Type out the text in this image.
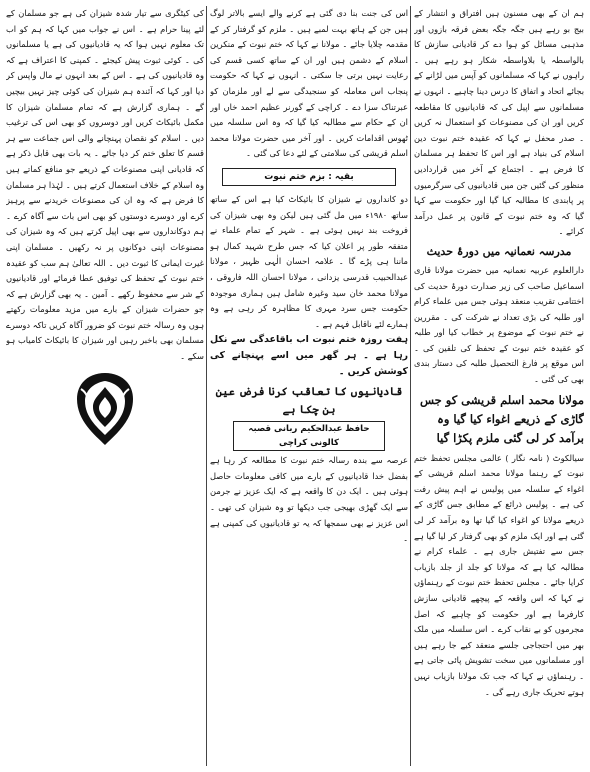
ہم ان کے بھی مسنون ہیں افتراق و انتشار کے بیج بو رہے ہیں جگہ جگہ بعض فرقہ بازوں اور مذہبی مسائل کو ہوا دے کر قادیانی سازش کا بالواسطہ یا بلاواسطہ شکار ہو رہے ہیں ۔ راہوں نے کہا کہ مسلمانوں کو آپس میں لڑانے کے بجائے اتحاد و اتفاق کا درس دینا چاہیے ۔ انہوں نے مسلمانوں سے اپیل کی کہ قادیانیوں کا مقاطعہ کریں اور ان کی مصنوعات کو استعمال نہ کریں ۔ صدر محفل نے کہا کہ عقیدہ ختم نبوت دین اسلام کی بنیاد ہے اور اس کا تحفظ ہر مسلمان کا فرض ہے ۔ اجتماع کے آخر میں قراردادیں منظور کی گئیں جن میں قادیانیوں کی سرگرمیوں پر پابندی کا مطالبہ کیا گیا اور حکومت سے کہا گیا کہ وہ ختم نبوت کے قانون پر عمل درآمد کرائے ۔

مدرسہ نعمانیہ میں دورۂ حدیث

دارالعلوم عربیہ نعمانیہ میں حضرت مولانا قاری اسماعیل صاحب کی زیر صدارت دورۂ حدیث کی اختتامی تقریب منعقد ہوئی جس میں علماء کرام اور طلبہ کی بڑی تعداد نے شرکت کی ۔ مقررین نے ختم نبوت کے موضوع پر خطاب کیا اور طلبہ کو عقیدہ ختم نبوت کے تحفظ کی تلقین کی ۔ اس موقع پر فارغ التحصیل طلبہ کی دستار بندی بھی کی گئی ۔

مولانا محمد اسلم قریشی کو جس گاڑی کے ذریعے اغواء کیا گیا وہ برآمد کر لی گئی ملزم پکڑا گیا

سیالکوٹ ( نامہ نگار ) عالمی مجلس تحفظ ختم نبوت کے رہنما مولانا محمد اسلم قریشی کے اغواء کے سلسلہ میں پولیس نے اہم پیش رفت کی ہے ۔ پولیس ذرائع کے مطابق جس گاڑی کے ذریعے مولانا کو اغواء کیا گیا تھا وہ برآمد کر لی گئی ہے اور ایک ملزم کو بھی گرفتار کر لیا گیا ہے جس سے تفتیش جاری ہے ۔ علماء کرام نے مطالبہ کیا ہے کہ مولانا کو جلد از جلد بازیاب کرایا جائے ۔ مجلس تحفظ ختم نبوت کے رہنماؤں نے کہا کہ اس واقعہ کے پیچھے قادیانی سازش کارفرما ہے اور حکومت کو چاہیے کہ اصل مجرموں کو بے نقاب کرے ۔ اس سلسلہ میں ملک بھر میں احتجاجی جلسے منعقد کیے جا رہے ہیں اور مسلمانوں میں سخت تشویش پائی جاتی ہے ۔ رہنماؤں نے کہا کہ جب تک مولانا بازیاب نہیں ہوتے تحریک جاری رہے گی ۔

اس کی جنت بنا دی گئی ہے کرنے والے ایسے بالاتر لوگ ہیں جن کے ہاتھ بہت لمبے ہیں ۔ ملزم کو گرفتار کر کے مقدمہ چلایا جائے ۔ مولانا نے کہا کہ ختم نبوت کے منکرین اسلام کے دشمن ہیں اور ان کے ساتھ کسی قسم کی رعایت نہیں برتی جا سکتی ۔ انہوں نے کہا کہ حکومت پنجاب اس معاملہ کو سنجیدگی سے لے اور ملزمان کو عبرتناک سزا دے ۔ کراچی کے گورنر عظیم احمد خاں اور ان کے حکام سے مطالبہ کیا گیا کہ وہ اس سلسلہ میں ٹھوس اقدامات کریں ۔ اور آخر میں حضرت مولانا محمد اسلم قریشی کی سلامتی کے لئے دعا کی گئی ۔

بقیہ : بزم ختم نبوت

دو کانداروں نے شیزان کا بائیکاٹ کیا ہے اس کے ساتھ ساتھ ۱۹۸۰ء میں مل گئی ہیں لیکن وہ بھی شیزان کی فروخت بند نہیں ہوئی ہے ۔ شہر کے تمام علماء نے متفقہ طور پر اعلان کیا کہ جس طرح شہید کمال ہو ماننا ہی پڑے گا ۔ علامہ احسان الٰہی ظہیر ، مولانا عبدالحبیب قدرسی یزدانی ، مولانا احسان اللہ فاروقی ، مولانا محمد خان سید وغیرہ شامل ہیں ہماری موجودہ حکومت جس سرد مہری کا مظاہرہ کر رہی ہے وہ ہمارے لئے ناقابل فہم ہے ۔

ہفت روزہ ختم نبوت اب باقاعدگی سے نکل رہا ہے ۔ ہر گھر میں اسے پہنچانے کی کوشش کریں ۔

قادیانیوں کا تعاقب کرنا فرض عین بن چکا ہے
حافظ عبدالحکیم ربانی قصبہ کالونی کراچی

عرصہ سے بندہ رسالہ ختم نبوت کا مطالعہ کر رہا ہے بفضل خدا قادیانیوں کے بارے میں کافی معلومات حاصل ہوئی ہیں ۔ ایک دن کا واقعہ ہے کہ ایک عزیز نے جرمن سے ایک گھڑی بھیجی جب دیکھا تو وہ شیزان کی تھی ۔ اس عزیز نے بھی سمجھا کہ یہ تو قادیانیوں کی کمپنی ہے ۔

کی کیٹگری سے تیار شدہ شیزان کی ہے جو مسلمان کے لئے پینا حرام ہے ۔ اس نے جواب میں کہا کہ ہم کو اب تک معلوم نہیں ہوا کہ یہ قادیانیوں کی ہے یا مسلمانوں کی ۔ کوئی ثبوت پیش کیجئے ۔ کمپنی کا اعتراف ہے کہ وہ قادیانیوں کی ہے ۔ اس کے بعد انہوں نے مال واپس کر دیا اور کہا کہ آئندہ ہم شیزان کی کوئی چیز نہیں بیچیں گے ۔ ہماری گزارش ہے کہ تمام مسلمان شیزان کا مکمل بائیکاٹ کریں اور دوسروں کو بھی اس کی ترغیب دیں ۔ اسلام کو نقصان پہنچانے والی اس جماعت سے ہر قسم کا تعلق ختم کر دیا جائے ۔ یہ بات بھی قابل ذکر ہے کہ قادیانی اپنی مصنوعات کے ذریعے جو منافع کماتے ہیں وہ اسلام کے خلاف استعمال کرتے ہیں ۔ لہٰذا ہر مسلمان کا فرض ہے کہ وہ ان کی مصنوعات خریدنے سے پرہیز کرے اور دوسرے دوستوں کو بھی اس بات سے آگاہ کرے ۔ ہم دوکانداروں سے بھی اپیل کرتے ہیں کہ وہ شیزان کی مصنوعات اپنی دوکانوں پر نہ رکھیں ۔ مسلمان اپنی غیرت ایمانی کا ثبوت دیں ۔ اللہ تعالیٰ ہم سب کو عقیدہ ختم نبوت کے تحفظ کی توفیق عطا فرمائے اور قادیانیوں کے شر سے محفوظ رکھے ۔ آمین ۔ یہ بھی گزارش ہے کہ جو حضرات شیزان کے بارے میں مزید معلومات رکھتے ہوں وہ رسالہ ختم نبوت کو ضرور آگاہ کریں تاکہ دوسرے مسلمان بھی باخبر رہیں اور شیزان کا بائیکاٹ کامیاب ہو سکے ۔
